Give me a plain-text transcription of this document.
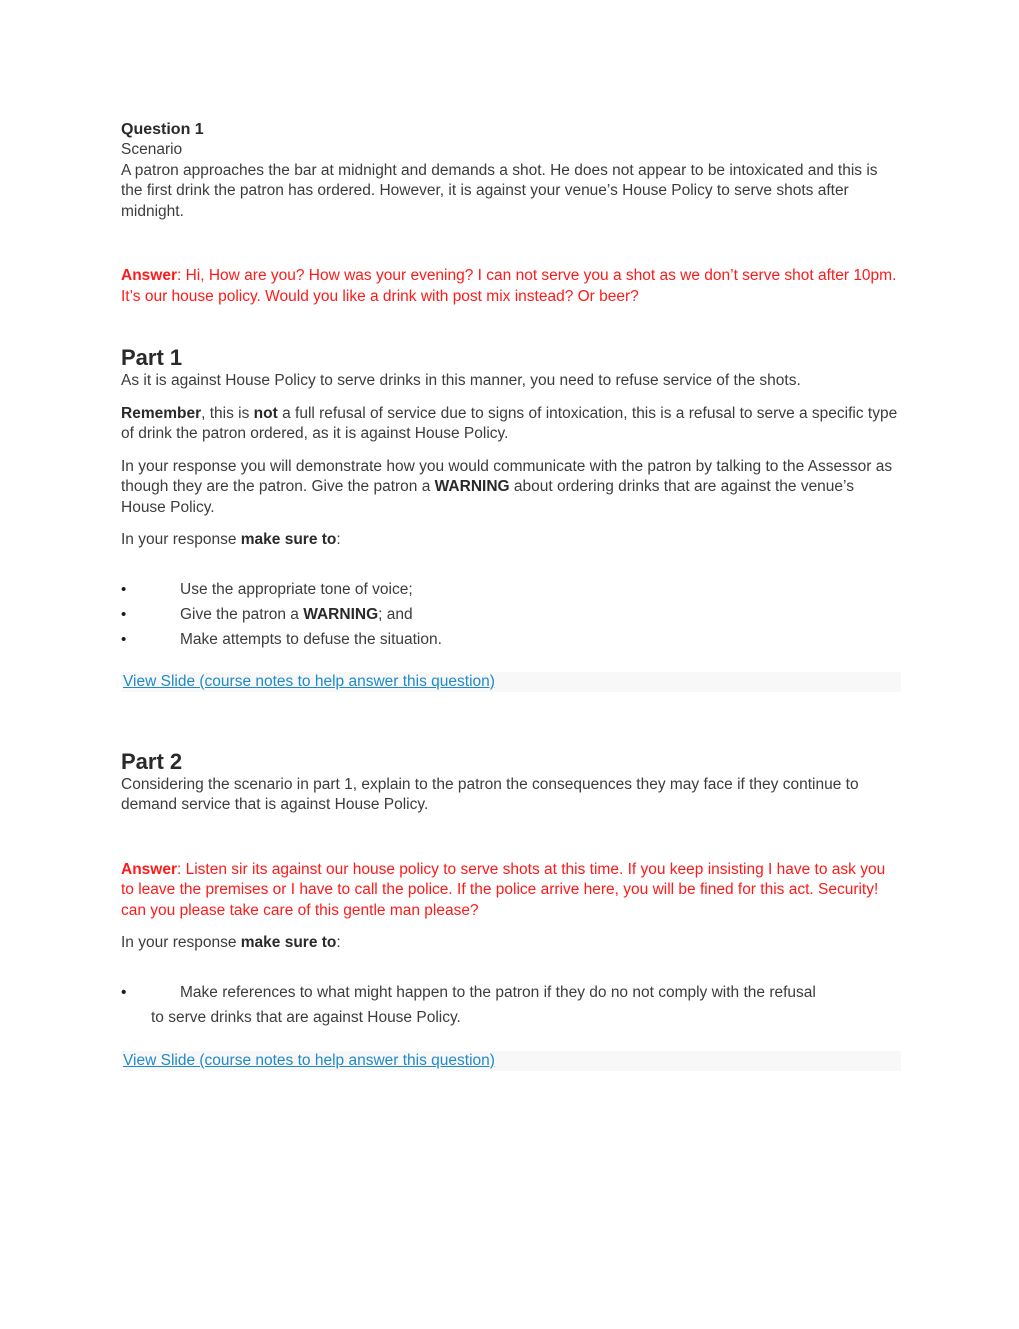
Question 1

Scenario

A patron approaches the bar at midnight and demands a shot. He does not appear to be intoxicated and this is the first drink the patron has ordered. However, it is against your venue’s House Policy to serve shots after midnight.

Answer: Hi, How are you? How was your evening? I can not serve you a shot as we don’t serve shot after 10pm. It’s our house policy. Would you like a drink with post mix instead? Or beer?

Part 1

As it is against House Policy to serve drinks in this manner, you need to refuse service of the shots.

Remember, this is not a full refusal of service due to signs of intoxication, this is a refusal to serve a specific type of drink the patron ordered, as it is against House Policy.

In your response you will demonstrate how you would communicate with the patron by talking to the Assessor as though they are the patron. Give the patron a WARNING about ordering drinks that are against the venue’s House Policy.

In your response make sure to:

•	Use the appropriate tone of voice;
•	Give the patron a WARNING; and
•	Make attempts to defuse the situation.
View Slide (course notes to help answer this question)
Part 2

Considering the scenario in part 1, explain to the patron the consequences they may face if they continue to demand service that is against House Policy.

Answer: Listen sir its against our house policy to serve shots at this time. If you keep insisting I have to ask you to leave the premises or I have to call the police. If the police arrive here, you will be fined for this act. Security! can you please take care of this gentle man please?

In your response make sure to:

•	Make references to what might happen to the patron if they do no not comply with the refusal
to serve drinks that are against House Policy.
View Slide (course notes to help answer this question)
